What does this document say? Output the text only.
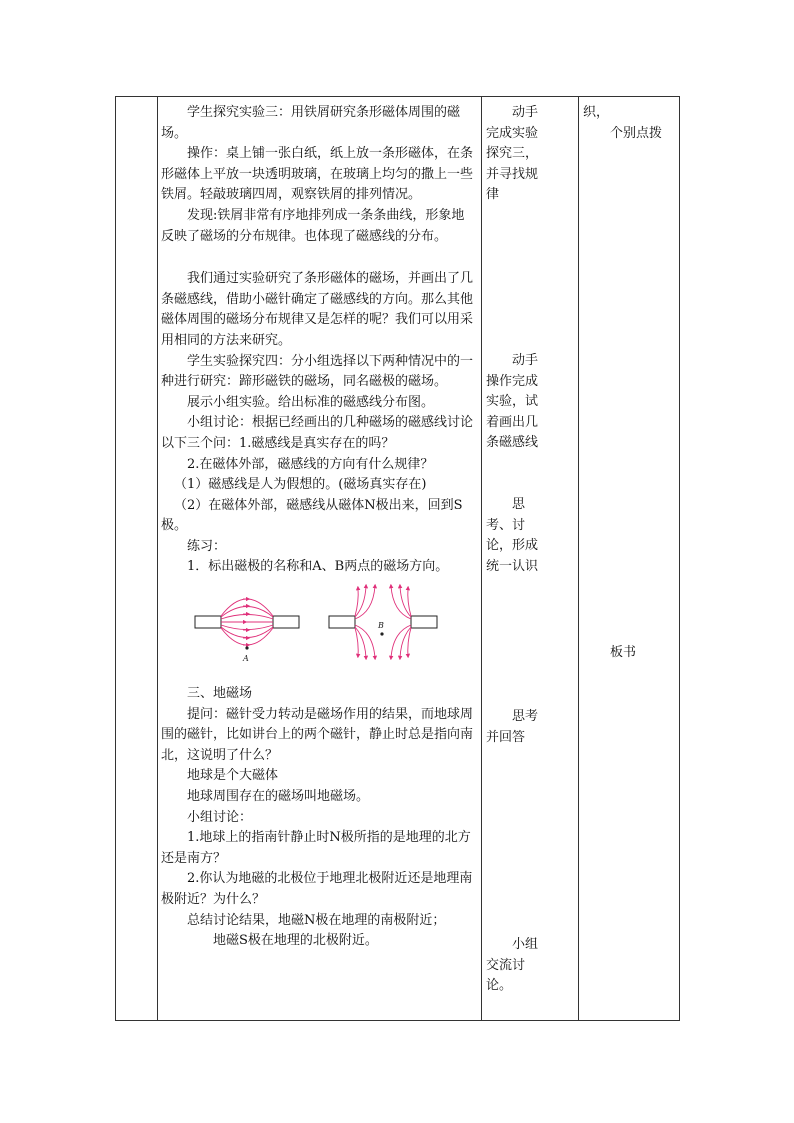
学生探究实验三：用铁屑研究条形磁体周围的磁场。

操作：桌上铺一张白纸，纸上放一条形磁体，在条形磁体上平放一块透明玻璃，在玻璃上均匀的撒上一些铁屑。轻敲玻璃四周，观察铁屑的排列情况。

发现:铁屑非常有序地排列成一条条曲线，形象地反映了磁场的分布规律。也体现了磁感线的分布。

我们通过实验研究了条形磁体的磁场，并画出了几条磁感线，借助小磁针确定了磁感线的方向。那么其他磁体周围的磁场分布规律又是怎样的呢？我们可以用采用相同的方法来研究。

学生实验探究四：分小组选择以下两种情况中的一种进行研究：蹄形磁铁的磁场，同名磁极的磁场。

展示小组实验。给出标准的磁感线分布图。

小组讨论：根据已经画出的几种磁场的磁感线讨论以下三个问：1.磁感线是真实存在的吗？

2.在磁体外部，磁感线的方向有什么规律？

（1）磁感线是人为假想的。(磁场真实存在)

（2）在磁体外部，磁感线从磁体N极出来，回到S极。

练习：

1．标出磁极的名称和A、B两点的磁场方向。

A
B

三、地磁场

提问：磁针受力转动是磁场作用的结果，而地球周围的磁针，比如讲台上的两个磁针，静止时总是指向南北，这说明了什么？

地球是个大磁体

地球周围存在的磁场叫地磁场。

小组讨论：

1.地球上的指南针静止时N极所指的是地理的北方还是南方？

2.你认为地磁的北极位于地理北极附近还是地理南极附近？为什么？

总结讨论结果，地磁N极在地理的南极附近；

地磁S极在地理的北极附近。

动手完成实验探究三，并寻找规律

动手操作完成实验，试着画出几条磁感线

思考、讨论，形成统一认识

思考并回答

小组交流讨论。

织，

个别点拨

板书
